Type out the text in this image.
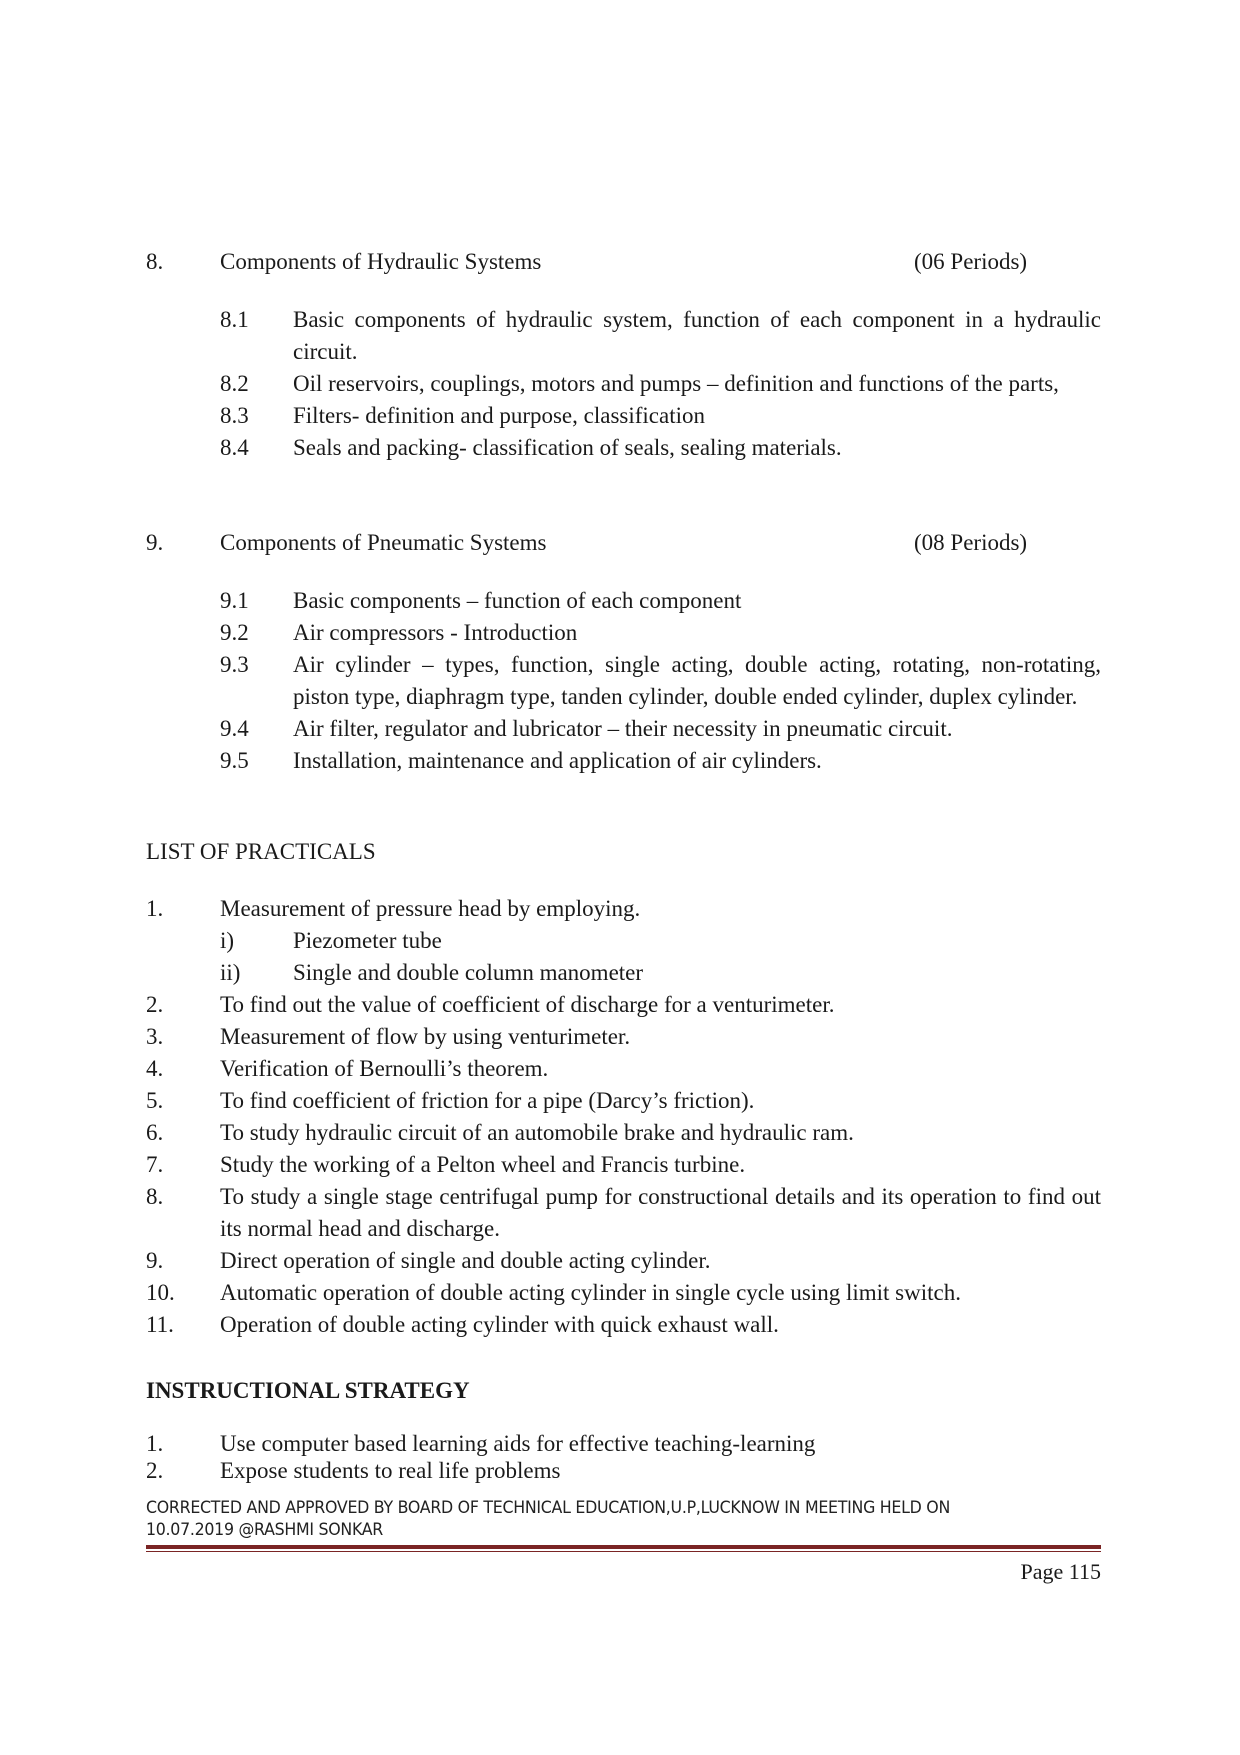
8. Components of Hydraulic Systems	(06 Periods)
8.1	Basic components of hydraulic system, function of each component in a hydraulic circuit.
8.2	Oil reservoirs, couplings, motors and pumps – definition and functions of the parts,
8.3	Filters- definition and purpose, classification
8.4	Seals and packing- classification of seals, sealing materials.
9. Components of Pneumatic Systems	(08 Periods)
9.1	Basic components – function of each component
9.2	Air compressors - Introduction
9.3	Air cylinder – types, function, single acting, double acting, rotating, non-rotating, piston type, diaphragm type, tanden cylinder, double ended cylinder, duplex cylinder.
9.4	Air filter, regulator and lubricator – their necessity in pneumatic circuit.
9.5	Installation, maintenance and application of air cylinders.
LIST OF PRACTICALS
1.	Measurement of pressure head by employing.
i)	Piezometer tube
ii)	Single and double column manometer
2.	To find out the value of coefficient of discharge for a venturimeter.
3.	Measurement of flow by using venturimeter.
4.	Verification of Bernoulli’s theorem.
5.	To find coefficient of friction for a pipe (Darcy’s friction).
6.	To study hydraulic circuit of an automobile brake and hydraulic ram.
7.	Study the working of a Pelton wheel and Francis turbine.
8.	To study a single stage centrifugal pump for constructional details and its operation to find out its normal head and discharge.
9.	Direct operation of single and double acting cylinder.
10.	Automatic operation of double acting cylinder in single cycle using limit switch.
11.	Operation of double acting cylinder with quick exhaust wall.
INSTRUCTIONAL STRATEGY
1.	Use computer based learning aids for effective teaching-learning
2.	Expose students to real life problems
CORRECTED AND APPROVED BY BOARD OF TECHNICAL EDUCATION,U.P,LUCKNOW IN MEETING HELD ON
10.07.2019 @RASHMI SONKAR
Page 115
